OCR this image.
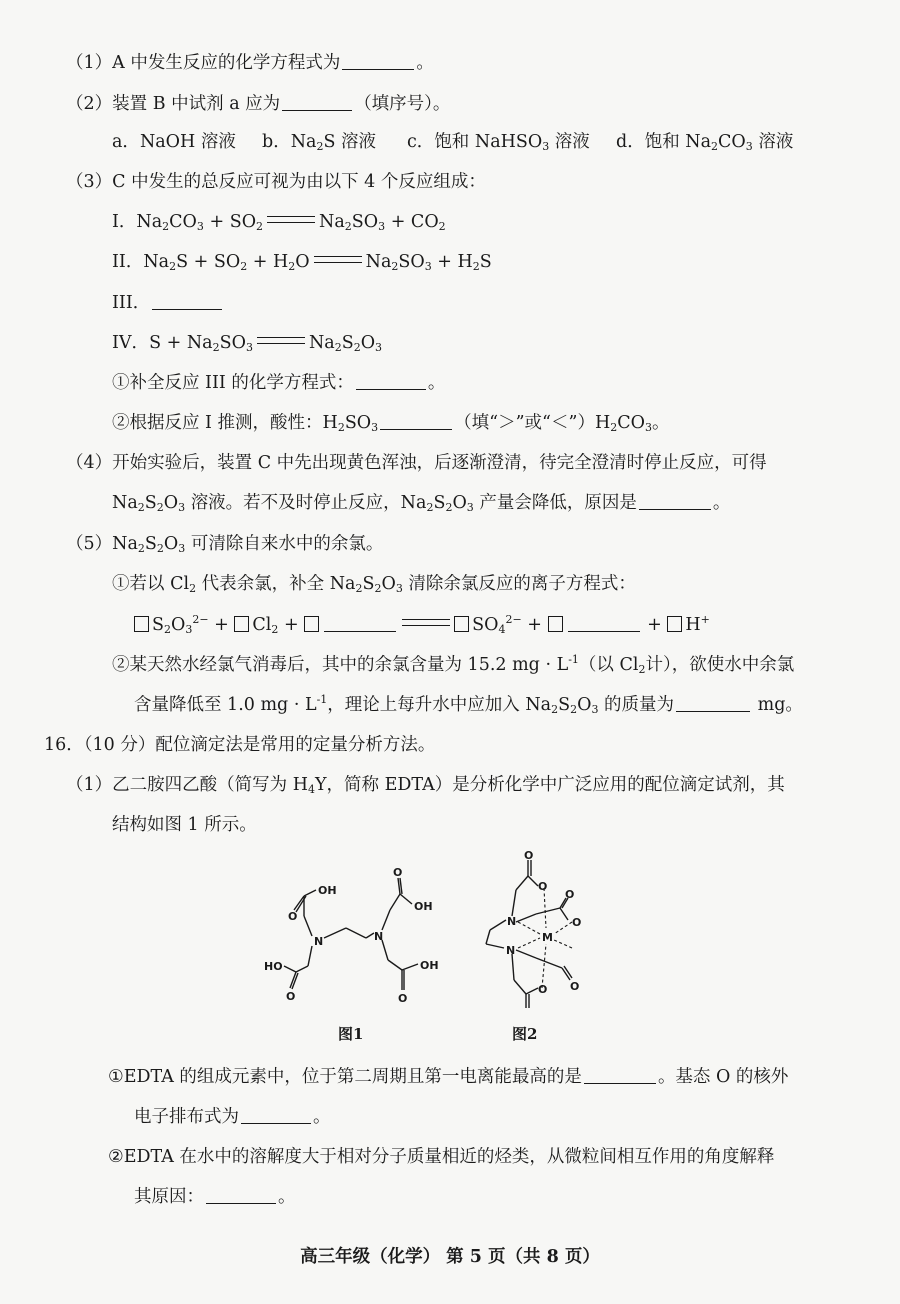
（1）A 中发生反应的化学方程式为	。
（2）装置 B 中试剂 a 应为	（填序号）。
a．NaOH 溶液 b．$Na_2S$ 溶液 c．饱和 NaHSO$_3$ 溶液 d．饱和 $Na_2CO_3$ 溶液
（3）C 中发生的总反应可视为由以下 4 个反应组成：
I．$Na_2CO_3 + SO_2$	$Na_2SO_3 + CO_2$
II．$Na_2S + SO_2 + H_2O$	$Na_2SO_3 + H_2S$
III．
IV．$S + Na_2SO_3$	$Na_2S_2O_3$
①补全反应 III 的化学方程式：	。
②根据反应 I 推测，酸性：$H_2SO_3$	（填“＞”或“$<”)H_2CO_3$。
（4）开始实验后，装置 C 中先出现黄色浑浊，后逐渐澄清，待完全澄清时停止反应，可得
$Na_2S_2O_3$ 溶液。若不及时停止反应，$Na_2S_2O_3$ 产量会降低，原因是	。
$(5)Na_2S_2O_3$ 可清除自来水中的余氯。
①若以 $Cl_2$ 代表余氯，补全 $Na_2S_2O_3$ 清除余氯反应的离子方程式：
$S_2O_3^{2-} + Cl_2$ +	$SO_4^{2-}$ +	+ H+
②某天然水经氯气消毒后，其中的余氯含量为 15.2 mg · $L^{-1}$（以 $Cl_2$计），欲使水中余氯
含量降低至 1.0 mg · $L^{-1}$，理论上每升水中应加入 $Na_2S_2O_3$ 的质量为	mg。
16．（10 分）配位滴定法是常用的定量分析方法。
（1）乙二胺四乙酸（简写为 $H_4Y$，简称 EDTA）是分析化学中广泛应用的配位滴定试剂，其
结构如图 1 所示。
OH
O
OH
O
N	N
HO
O
OH
O
图1
O
O
N
O
M
O
N
O
O
图2
①EDTA 的组成元素中，位于第二周期且第一电离能最高的是	。基态 O 的核外
电子排布式为	。
②EDTA 在水中的溶解度大于相对分子质量相近的烃类，从微粒间相互作用的角度解释
其原因：	。
高三年级（化学） 第 5 页（共 8 页）
